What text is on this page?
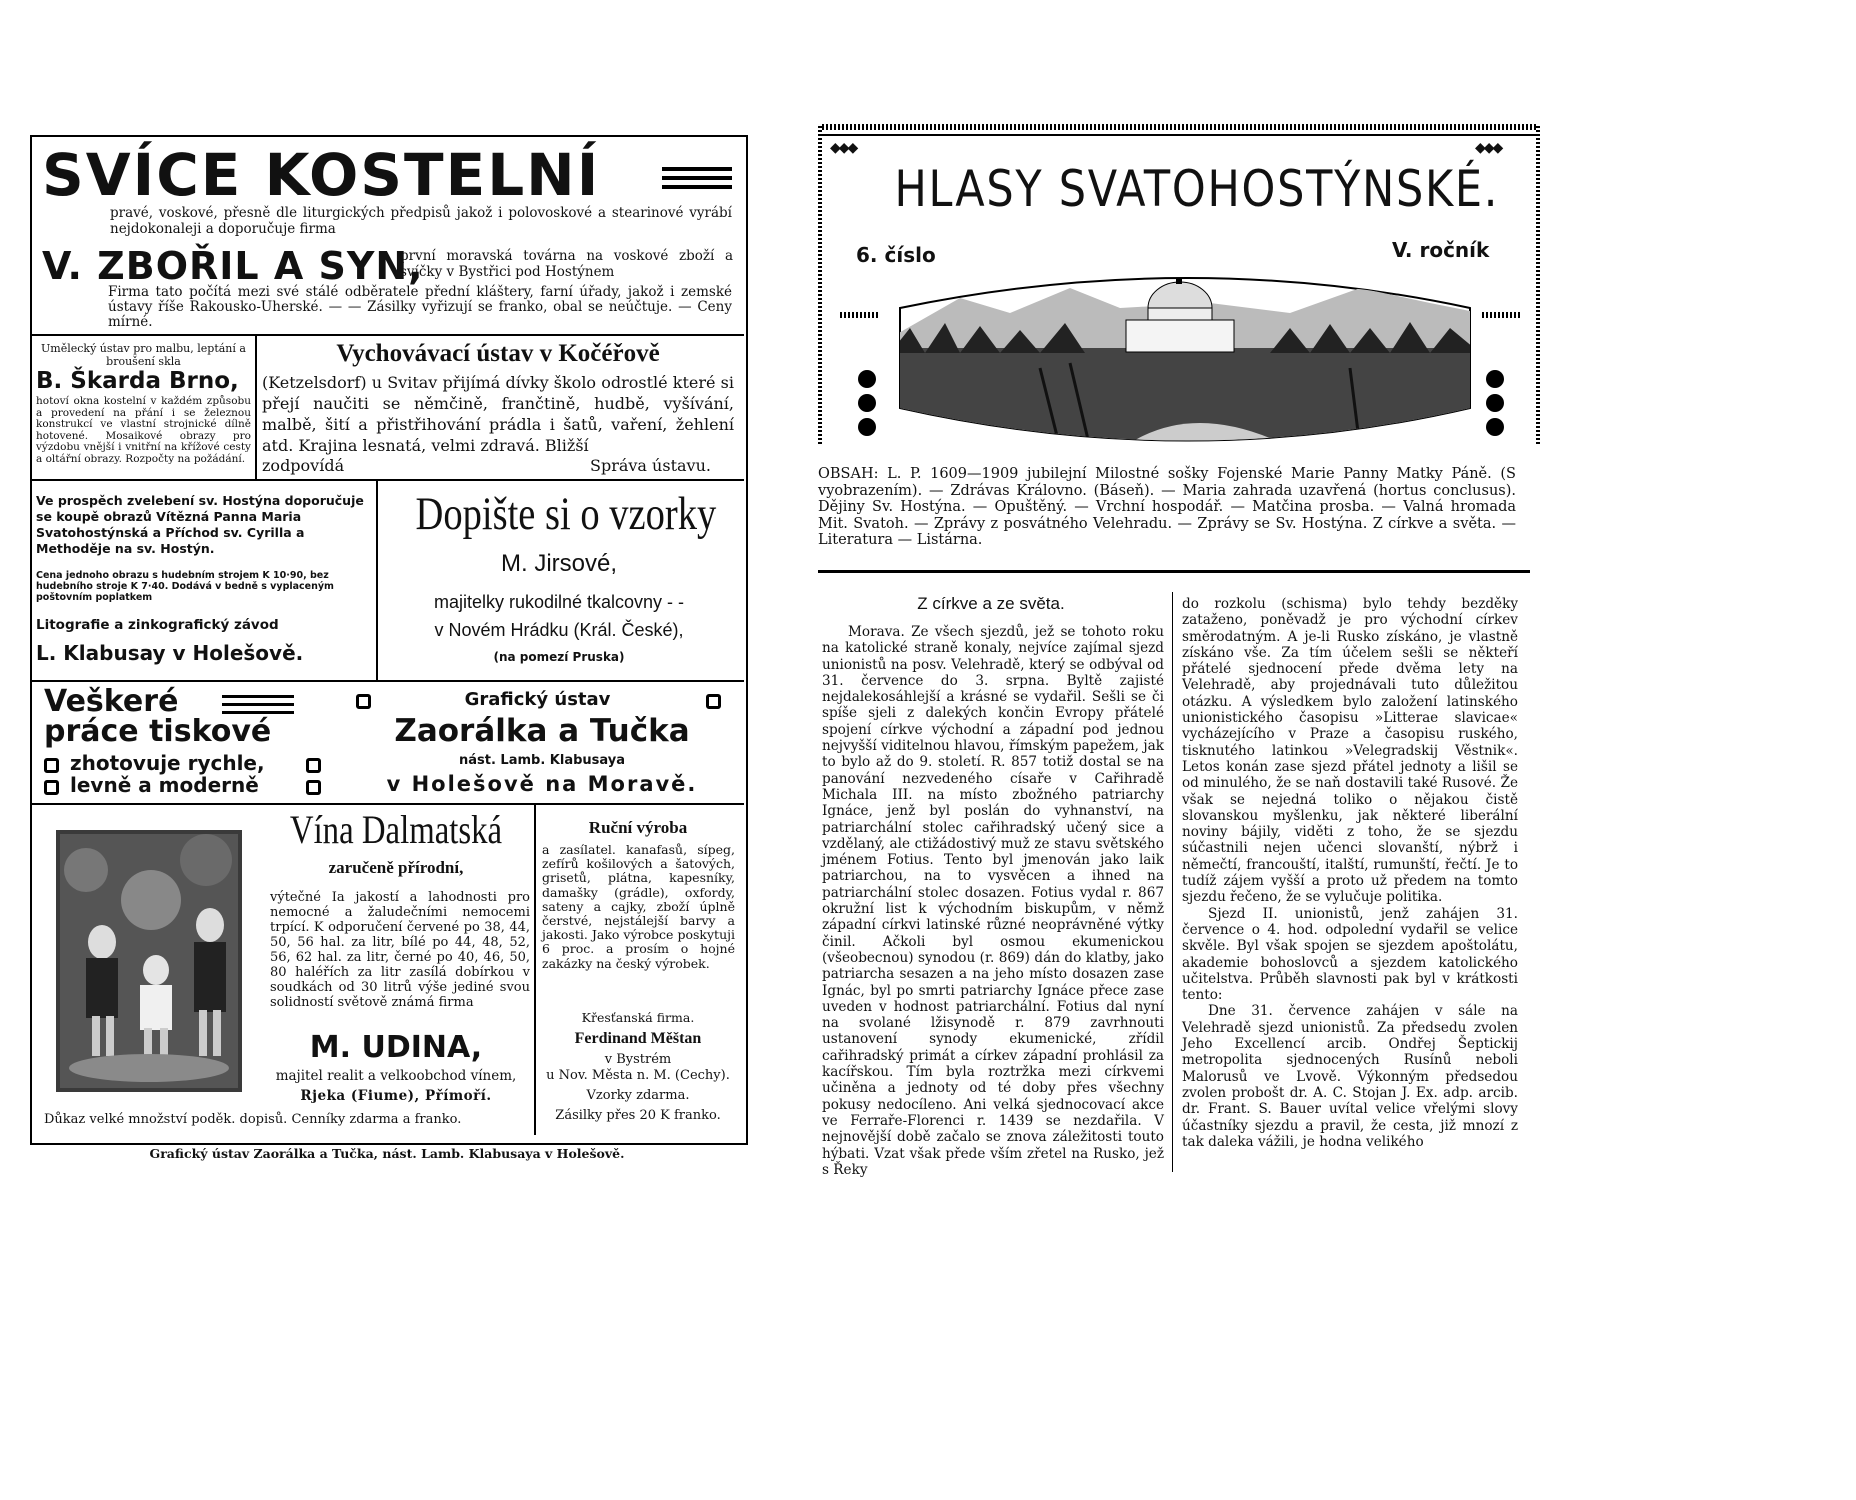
SVÍCE KOSTELNÍ

pravé, voskové, přesně dle liturgických předpisů jakož i polovoskové a stearinové vyrábí nejdokonaleji a doporučuje firma

V. ZBOŘIL A SYN,

první moravská továrna na voskové zboží a svíčky v Bystřici pod Hostýnem

Firma tato počítá mezi své stálé odběratele přední kláštery, farní úřady, jakož i zemské ústavy říše Rakousko-Uherské. — — Zásilky vyřizují se franko, obal se neúčtuje. — Ceny mírné.

Umělecký ústav pro malbu, leptání a broušení skla

B. Škarda Brno,

hotoví okna kostelní v každém způsobu a provedení na přání i se železnou konstrukcí ve vlastní strojnické dílně hotovené. Mosaikové obrazy pro výzdobu vnější i vnitřní na křížové cesty a oltářní obrazy. Rozpočty na požádání.

Vychovávací ústav v Kočéřově

(Ketzelsdorf) u Svitav přijímá dívky školo odrostlé které si přejí naučiti se němčině, frančtině, hudbě, vyšívání, malbě, šití a přistřihování prádla i šatů, vaření, žehlení atd. Krajina lesnatá, velmi zdravá. Bližší

zodpovídá	Správa ústavu.

Ve prospěch zvelebení sv. Hostýna doporučuje se koupě obrazů Vítězná Panna Maria Svatohostýnská a Příchod sv. Cyrilla a Methoděje na sv. Hostýn.

Cena jednoho obrazu s hudebním strojem K 10·90, bez hudebního stroje K 7·40. Dodává v bedně s vyplaceným poštovním poplatkem

Litografie a zinkografický závod
L. Klabusay v Holešově.
Dopište si o vzorky
M. Jirsové,
majitelky rukodilné tkalcovny - -
v Novém Hrádku (Král. České),
(na pomezí Pruska)
Veškeré
práce tiskové
zhotovuje rychle,
levně a moderně
Grafický ústav
Zaorálka a Tučka
nást. Lamb. Klabusaya
v Holešově na Moravě.
Vína Dalmatská
zaručeně přírodní,

výtečné Ia jakostí a lahodnosti pro nemocné a žaludečními nemocemi trpící. K odporučení červené po 38, 44, 50, 56 hal. za litr, bílé po 44, 48, 52, 56, 62 hal. za litr, černé po 40, 46, 50, 80 haléřích za litr zasílá dobírkou v soudkách od 30 litrů výše jediné svou solidností světově známá firma

M. UDINA,
majitel realit a velkoobchod vínem,
Rjeka (Fiume), Přímoří.
Důkaz velké množství poděk. dopisů. Cenníky zdarma a franko.
Ruční výroba

a zasílatel. kanafasů, sípeg, zefírů košilových a šatových, grisetů, plátna, kapesníky, damašky (grádle), oxfordy, sateny a cajky, zboží úplně čerstvé, nejstálejší barvy a jakosti. Jako výrobce poskytuji 6 proc. a prosím o hojné zakázky na český výrobek.

Křesťanská firma.
Ferdinand Měštan
v Bystrém
u Nov. Města n. M. (Cechy).
Vzorky zdarma.
Zásilky přes 20 K franko.
Grafický ústav Zaorálka a Tučka, nást. Lamb. Klabusaya v Holešově.
◆◆◆	◆◆◆
HLASY SVATOHOSTÝNSKÉ.
6. číslo	V. ročník

OBSAH: L. P. 1609—1909 jubilejní Milostné sošky Fojenské Marie Panny Matky Páně. (S vyobrazením). — Zdrávas Královno. (Báseň). — Maria zahrada uzavřená (hortus conclusus). Dějiny Sv. Hostýna. — Opuštěný. — Vrchní hospodář. — Matčina prosba. — Valná hromada Mit. Svatoh. — Zprávy z posvátného Velehradu. — Zprávy se Sv. Hostýna. Z církve a světa. — Literatura — Listárna.

Z církve a ze světa.

Morava. Ze všech sjezdů, jež se tohoto roku na katolické straně konaly, nejvíce zajímal sjezd unionistů na posv. Velehradě, který se odbýval od 31. července do 3. srpna. Byltě zajisté nejdalekosáhlejší a krásné se vydařil. Sešli se či spíše sjeli z dalekých končin Evropy přátelé spojení církve východní a západní pod jednou nejvyšší viditelnou hlavou, římským papežem, jak to bylo až do 9. století. R. 857 totiž dostal se na panování nezvedeného císaře v Cařihradě Michala III. na místo zbožného patriarchy Ignáce, jenž byl poslán do vyhnanství, na patriarchální stolec cařihradský učený sice a vzdělaný, ale ctižádostivý muž ze stavu světského jménem Fotius. Tento byl jmenován jako laik patriarchou, na to vysvěcen a ihned na patriarchální stolec dosazen. Fotius vydal r. 867 okružní list k východním biskupům, v němž západní církvi latinské různé neoprávněné výtky činil. Ačkoli byl osmou ekumenickou (všeobecnou) synodou (r. 869) dán do klatby, jako patriarcha sesazen a na jeho místo dosazen zase Ignác, byl po smrti patriarchy Ignáce přece zase uveden v hodnost patriarchální. Fotius dal nyní na svolané lžisynodě r. 879 zavrhnouti ustanovení synody ekumenické, zřídil cařihradský primát a církev západní prohlásil za kacířskou. Tím byla roztržka mezi církvemi učiněna a jednoty od té doby přes všechny pokusy nedocíleno. Ani velká sjednocovací akce ve Ferraře-Florenci r. 1439 se nezdařila. V nejnovější době začalo se znova záležitosti touto hýbati. Vzat však přede vším zřetel na Rusko, jež s Řeky

do rozkolu (schisma) bylo tehdy bezděky zataženo, poněvadž je pro východní církev směrodatným. A je-li Rusko získáno, je vlastně získáno vše. Za tím účelem sešli se někteří přátelé sjednocení přede dvěma lety na Velehradě, aby projednávali tuto důležitou otázku. A výsledkem bylo založení latinského unionistického časopisu »Litterae slavicae« vycházejícího v Praze a časopisu ruského, tisknutého latinkou »Velegradskij Věstnik«. Letos konán zase sjezd přátel jednoty a lišil se od minulého, že se naň dostavili také Rusové. Že však se nejedná toliko o nějakou čistě slovanskou myšlenku, jak některé liberální noviny bájily, viděti z toho, že se sjezdu súčastnili nejen učenci slovanští, nýbrž i němečtí, francouští, italští, rumunští, řečtí. Je to tudíž zájem vyšší a proto už předem na tomto sjezdu řečeno, že se vylučuje politika.

Sjezd II. unionistů, jenž zahájen 31. července o 4. hod. odpolední vydařil se velice skvěle. Byl však spojen se sjezdem apoštolátu, akademie bohoslovců a sjezdem katolického učitelstva. Průběh slavnosti pak byl v krátkosti tento:

Dne 31. července zahájen v sále na Velehradě sjezd unionistů. Za předsedu zvolen Jeho Excellencí arcib. Ondřej Šeptickij metropolita sjednocených Rusínů neboli Malorusů ve Lvově. Výkonným předsedou zvolen probošt dr. A. C. Stojan J. Ex. adp. arcib. dr. Frant. S. Bauer uvítal velice vřelými slovy účastníky sjezdu a pravil, že cesta, již mnozí z tak daleka vážili, je hodna velikého
